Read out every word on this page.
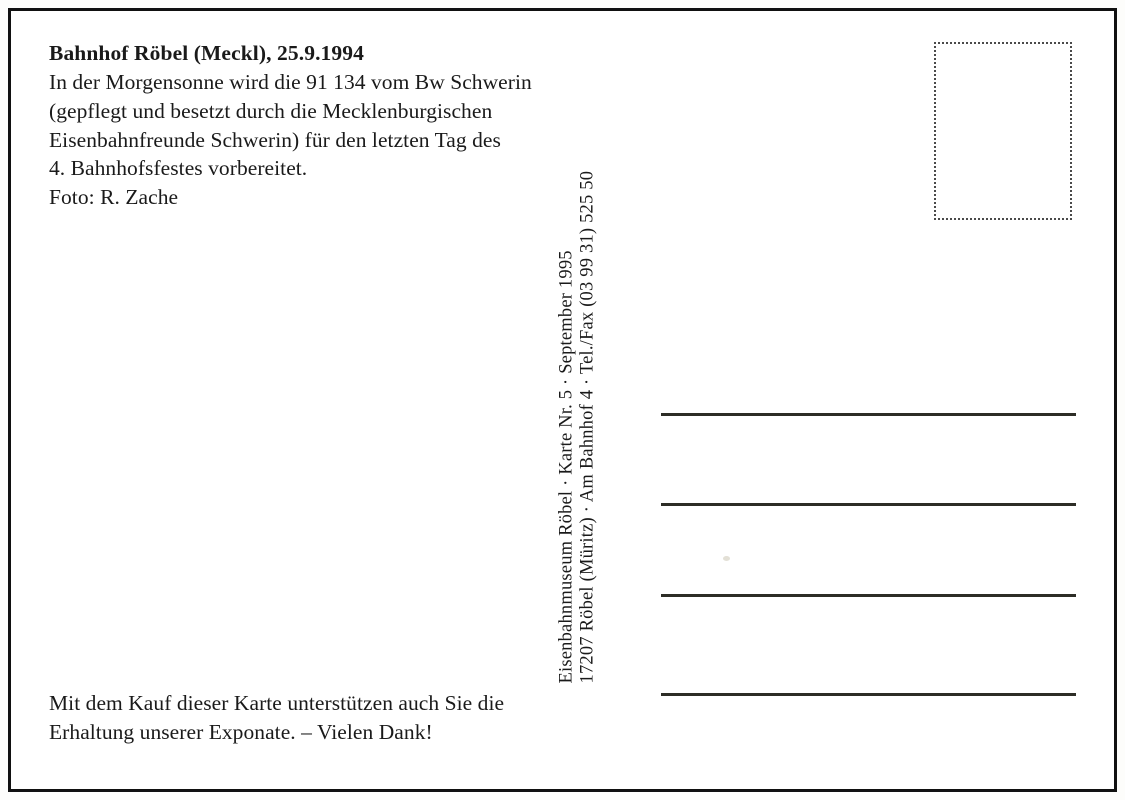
Bahnhof Röbel (Meckl), 25.9.1994

In der Morgensonne wird die 91 134 vom Bw Schwerin

(gepflegt und besetzt durch die Mecklenburgischen

Eisenbahnfreunde Schwerin) für den letzten Tag des

4. Bahnhofsfestes vorbereitet.

Foto: R. Zache

Eisenbahnmuseum Röbel · Karte Nr. 5 · September 1995 17207 Röbel (Müritz) · Am Bahnhof 4 · Tel./Fax (03 99 31) 525 50

Mit dem Kauf dieser Karte unterstützen auch Sie die

Erhaltung unserer Exponate. – Vielen Dank!
